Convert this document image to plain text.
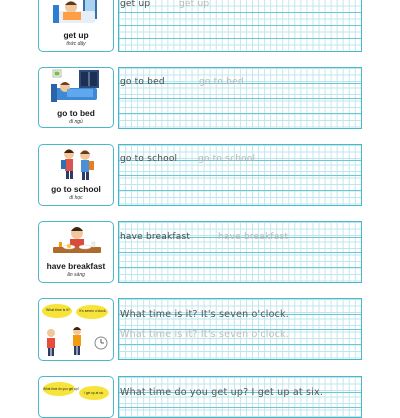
get up
thức dậy
get up	get up
go to bed
đi ngủ
go to bed	go to bed
go to school
đi học
go to school go to school
have breakfast
ăn sáng
have breakfast	have breakfast
What time is it?	It's seven o'clock. What time is it? It's seven o'clock.
What time is it? It's seven o'clock.
What time do you get up?
I get up at six.	What time do you get up? I get up at six.
